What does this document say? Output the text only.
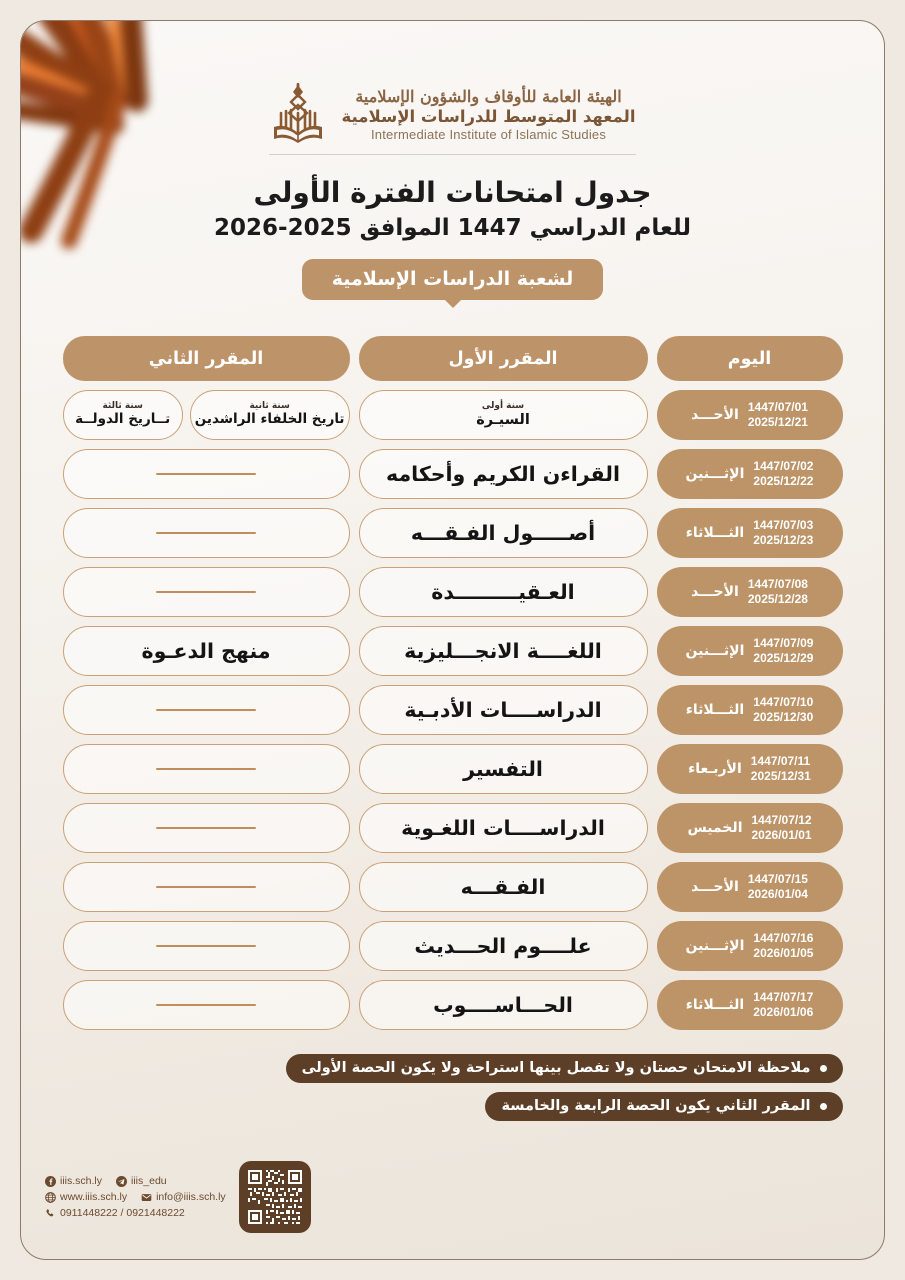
الهيئة العامة للأوقاف والشؤون الإسلامية
المعهد المتوسط للدراسات الإسلامية
Intermediate Institute of Islamic Studies
جدول امتحانات الفترة الأولى
للعام الدراسي 1447 الموافق 2025-2026
لشعبة الدراسات الإسلامية
اليوم
المقرر الأول
المقرر الثاني
1447/07/01
2025/12/21
الأحـــد
سنة أولى
السيـرة
سنة ثانية
تاريخ الخلفاء الراشدين
سنة ثالثة
تــاريخ الدولــة
1447/07/02
2025/12/22
الإثـــنين
القراءن الكريم وأحكامه
1447/07/03
2025/12/23
الثـــلاثاء
أصـــــول الفـقـــه
1447/07/08
2025/12/28
الأحـــد
العـقيـــــــــدة
1447/07/09
2025/12/29
الإثـــنين
اللغــــة الانجـــليزية
منهج الدعـوة
1447/07/10
2025/12/30
الثـــلاثاء
الدراســــات الأدبـية
1447/07/11
2025/12/31
الأربـعاء
التفسير
1447/07/12
2026/01/01
الخميس
الدراســــات اللغـوية
1447/07/15
2026/01/04
الأحـــد
الفـقـــه
1447/07/16
2026/01/05
الإثـــنين
علــــوم الحـــديث
1447/07/17
2026/01/06
الثـــلاثاء
الحـــاســــوب
ملاحظة الامتحان حصتان ولا تفصل بينها استراحة ولا يكون الحصة الأولى
المقرر الثاني يكون الحصة الرابعة والخامسة
iiis.sch.ly	iiis_edu
www.iiis.sch.ly	info@iiis.sch.ly
0911448222 / 0921448222
